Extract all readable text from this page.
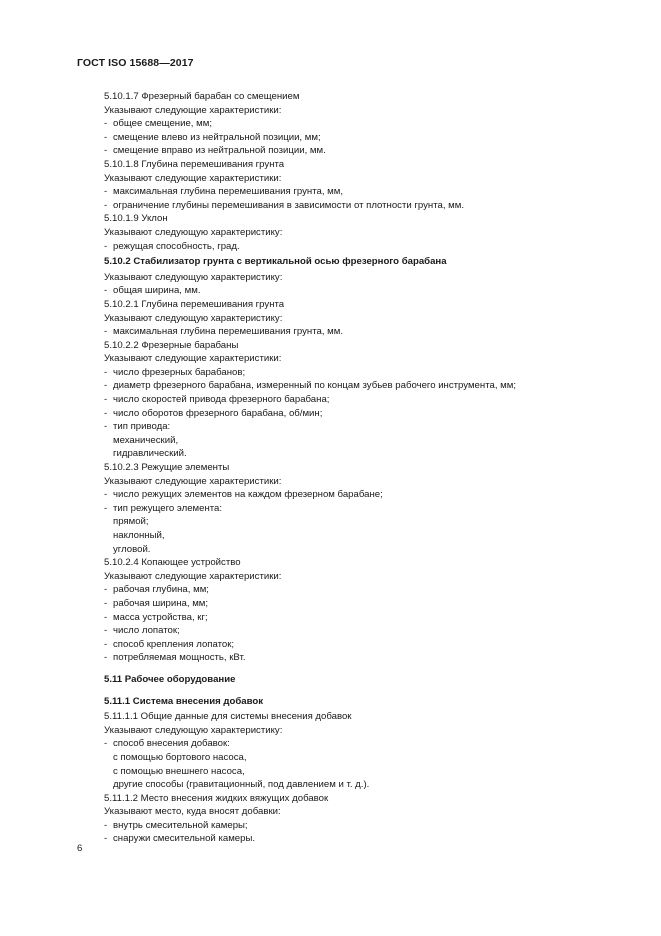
ГОСТ ISO 15688—2017
5.10.1.7 Фрезерный барабан со смещением
Указывают следующие характеристики:
- общее смещение, мм;
- смещение влево из нейтральной позиции, мм;
- смещение вправо из нейтральной позиции, мм.
5.10.1.8 Глубина перемешивания грунта
Указывают следующие характеристики:
- максимальная глубина перемешивания грунта, мм,
- ограничение глубины перемешивания в зависимости от плотности грунта, мм.
5.10.1.9 Уклон
Указывают следующую характеристику:
- режущая способность, град.
5.10.2 Стабилизатор грунта с вертикальной осью фрезерного барабана
Указывают следующую характеристику:
- общая ширина, мм.
5.10.2.1 Глубина перемешивания грунта
Указывают следующую характеристику:
- максимальная глубина перемешивания грунта, мм.
5.10.2.2 Фрезерные барабаны
Указывают следующие характеристики:
- число фрезерных барабанов;
- диаметр фрезерного барабана, измеренный по концам зубьев рабочего инструмента, мм;
- число скоростей привода фрезерного барабана;
- число оборотов фрезерного барабана, об/мин;
- тип привода:
механический,
гидравлический.
5.10.2.3 Режущие элементы
Указывают следующие характеристики:
- число режущих элементов на каждом фрезерном барабане;
- тип режущего элемента:
прямой;
наклонный,
угловой.
5.10.2.4 Копающее устройство
Указывают следующие характеристики:
- рабочая глубина, мм;
- рабочая ширина, мм;
- масса устройства, кг;
- число лопаток;
- способ крепления лопаток;
- потребляемая мощность, кВт.
5.11 Рабочее оборудование
5.11.1 Система внесения добавок
5.11.1.1 Общие данные для системы внесения добавок
Указывают следующую характеристику:
- способ внесения добавок:
с помощью бортового насоса,
с помощью внешнего насоса,
другие способы (гравитационный, под давлением и т. д.).
5.11.1.2 Место внесения жидких вяжущих добавок
Указывают место, куда вносят добавки:
- внутрь смесительной камеры;
- снаружи смесительной камеры.
6
